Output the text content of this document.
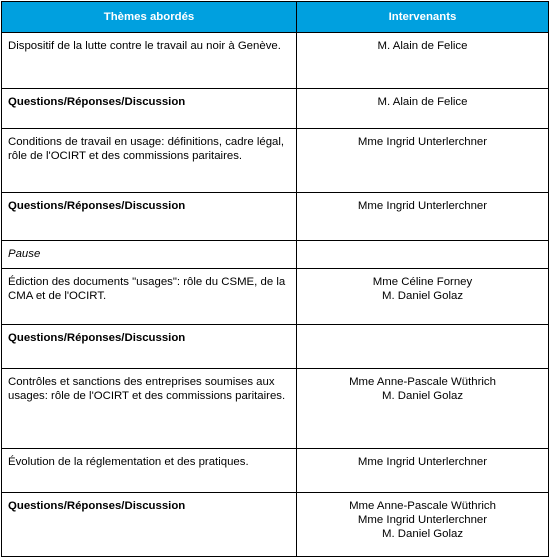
Thèmes abordés	Intervenants
Dispositif de la lutte contre le travail au noir à Genève.	M. Alain de Felice

Questions/Réponses/Discussion	M. Alain de Felice

Conditions de travail en usage: définitions, cadre légal, rôle de l'OCIRT et des commissions paritaires.	Mme Ingrid Unterlerchner

Questions/Réponses/Discussion	Mme Ingrid Unterlerchner

Pause	
Édiction des documents "usages": rôle du CSME, de la CMA et de l'OCIRT.	Mme Céline Forney
M. Daniel Golaz

Questions/Réponses/Discussion	
Contrôles et sanctions des entreprises soumises aux usages: rôle de l'OCIRT et des commissions paritaires.	Mme Anne-Pascale Wüthrich
M. Daniel Golaz

Évolution de la réglementation et des pratiques.	Mme Ingrid Unterlerchner

Questions/Réponses/Discussion	Mme Anne-Pascale Wüthrich
Mme Ingrid Unterlerchner
M. Daniel Golaz
